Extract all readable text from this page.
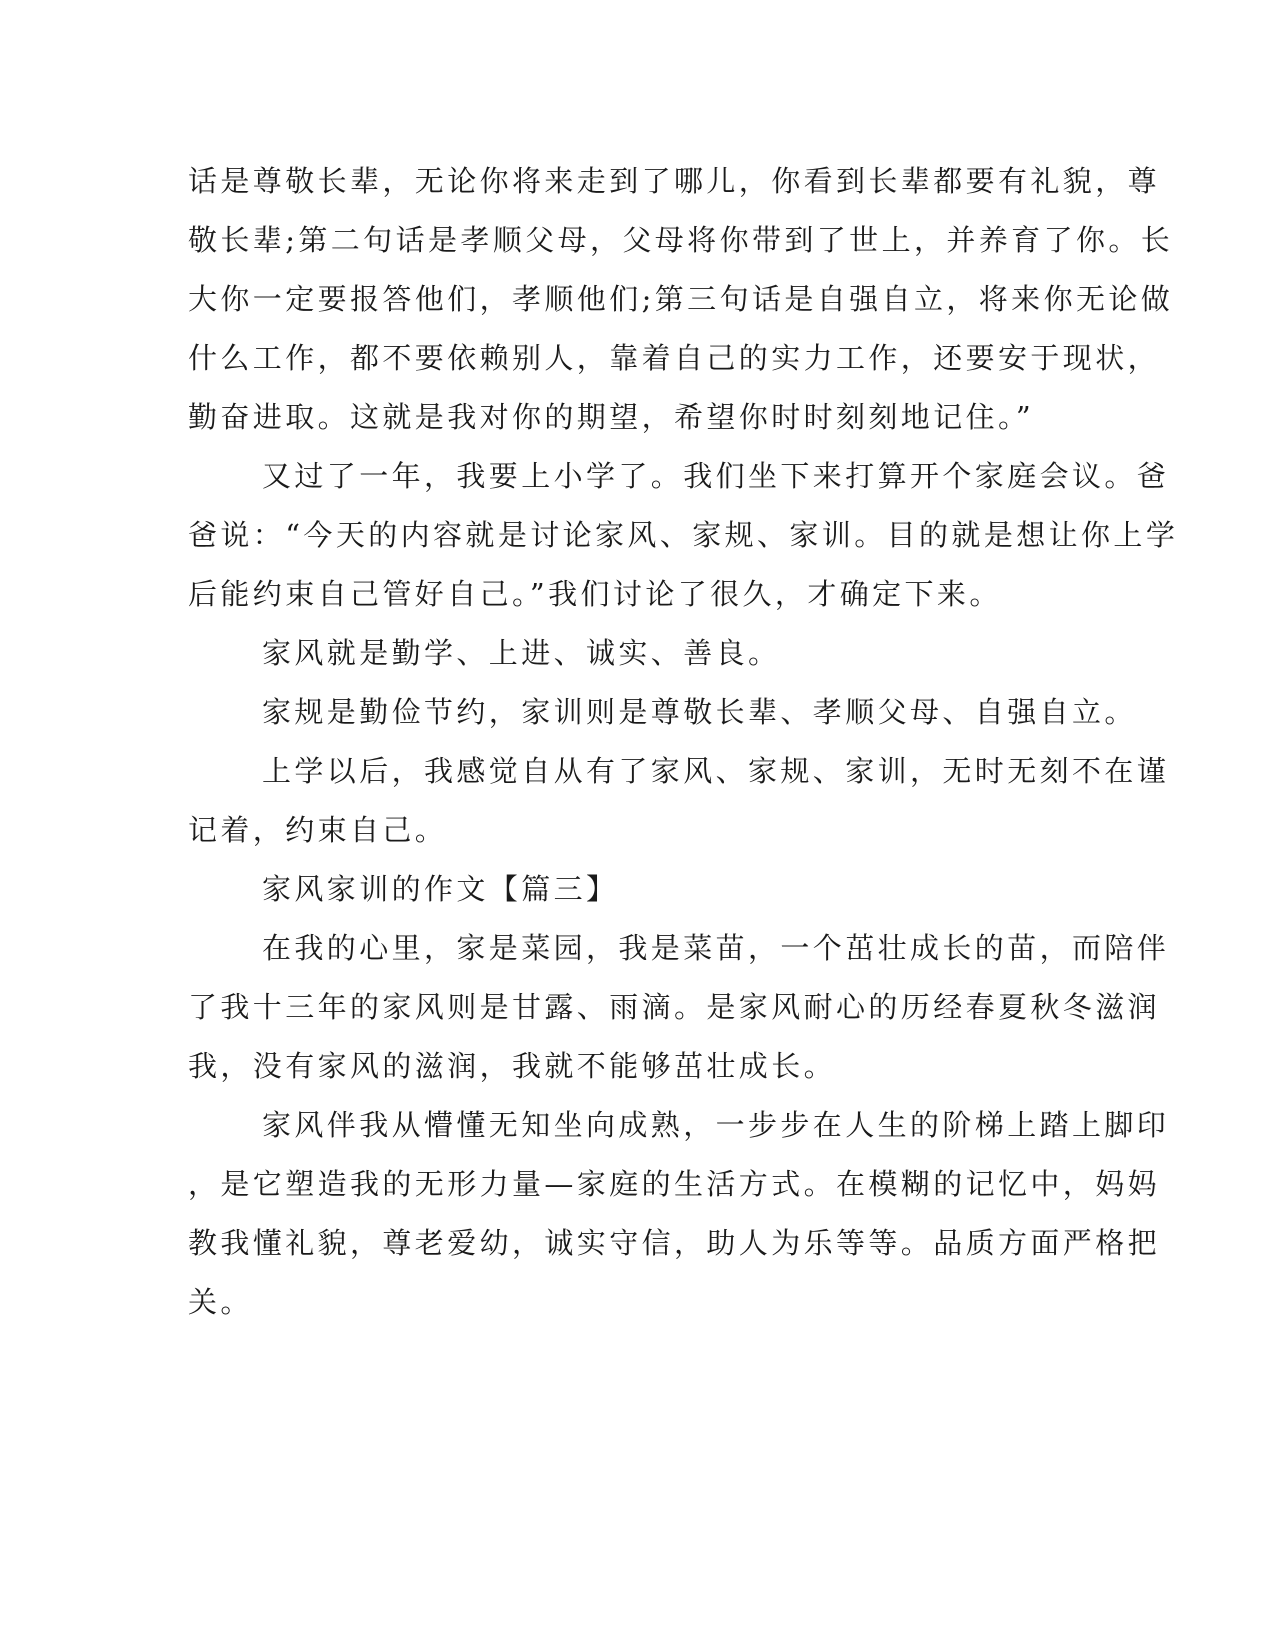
话是尊敬长辈，无论你将来走到了哪儿，你看到长辈都要有礼貌，尊

敬长辈;第二句话是孝顺父母，父母将你带到了世上，并养育了你。长

大你一定要报答他们，孝顺他们;第三句话是自强自立，将来你无论做

什么工作，都不要依赖别人，靠着自己的实力工作，还要安于现状，

勤奋进取。这就是我对你的期望，希望你时时刻刻地记住。”

又过了一年，我要上小学了。我们坐下来打算开个家庭会议。爸

爸说：“今天的内容就是讨论家风、家规、家训。目的就是想让你上学

后能约束自己管好自己。”我们讨论了很久，才确定下来。

家风就是勤学、上进、诚实、善良。

家规是勤俭节约，家训则是尊敬长辈、孝顺父母、自强自立。

上学以后，我感觉自从有了家风、家规、家训，无时无刻不在谨

记着，约束自己。

家风家训的作文【篇三】

在我的心里，家是菜园，我是菜苗，一个茁壮成长的苗，而陪伴

了我十三年的家风则是甘露、雨滴。是家风耐心的历经春夏秋冬滋润

我，没有家风的滋润，我就不能够茁壮成长。

家风伴我从懵懂无知坐向成熟，一步步在人生的阶梯上踏上脚印

，是它塑造我的无形力量—家庭的生活方式。在模糊的记忆中，妈妈

教我懂礼貌，尊老爱幼，诚实守信，助人为乐等等。品质方面严格把

关。
